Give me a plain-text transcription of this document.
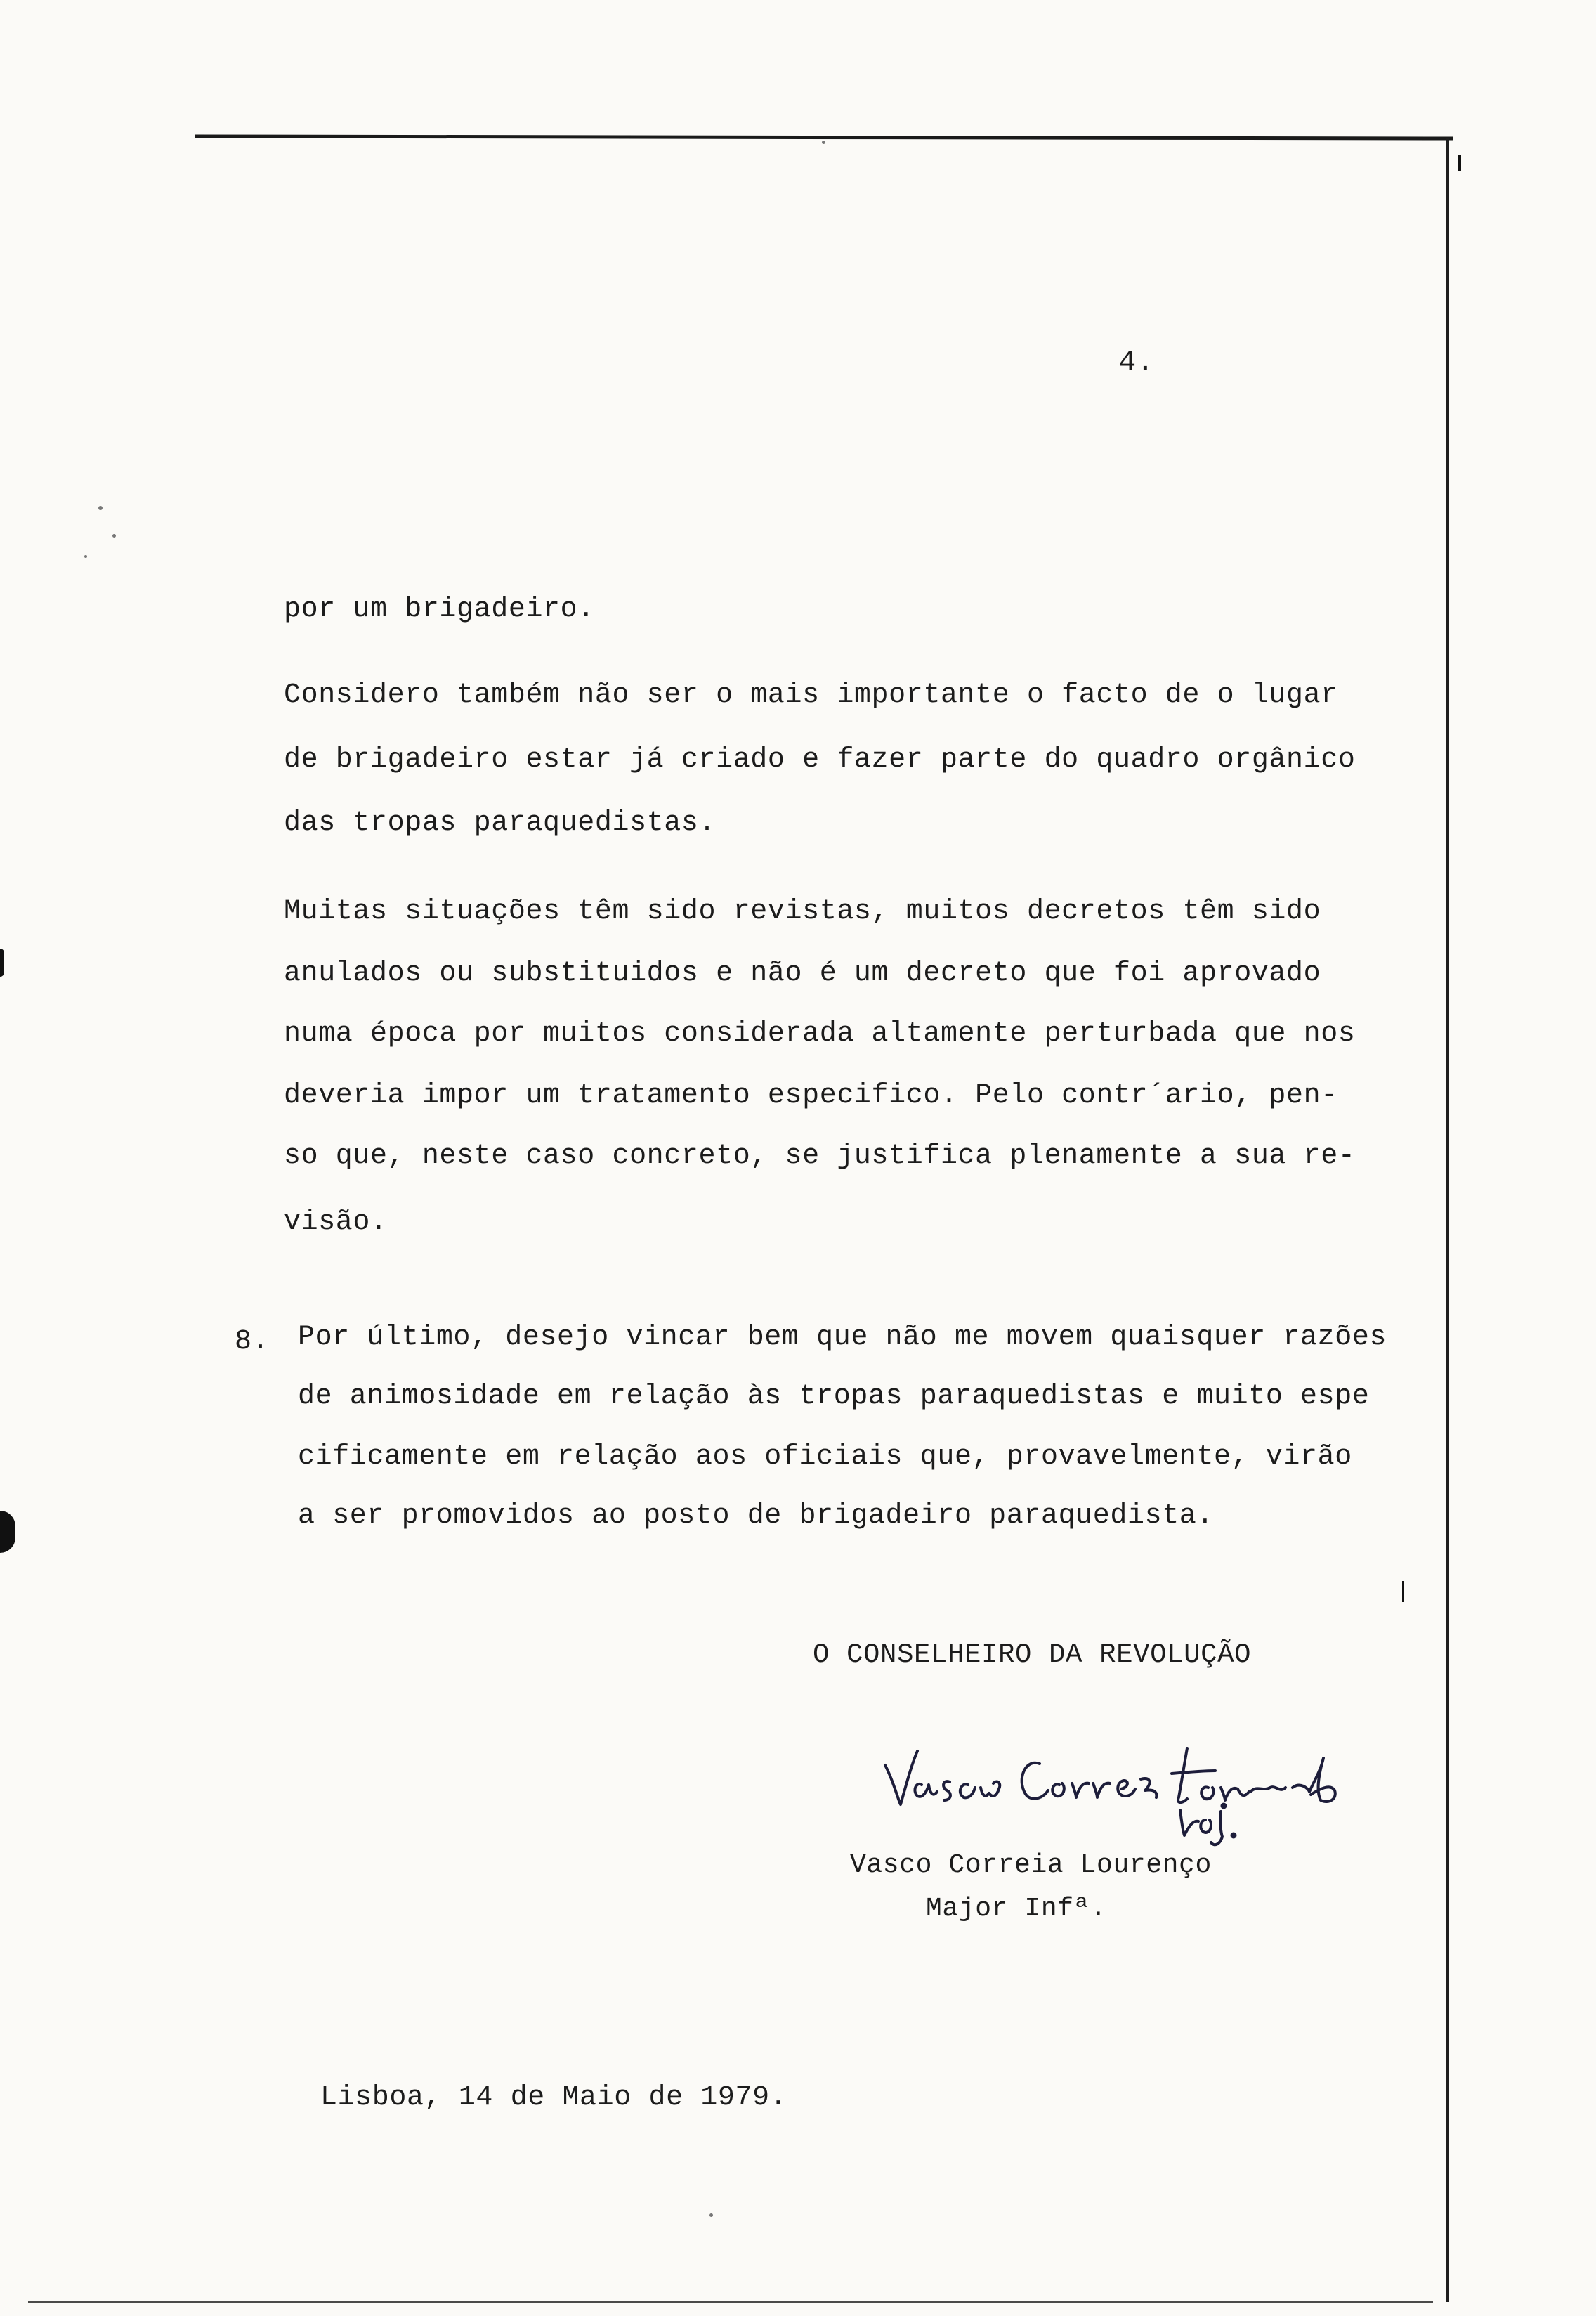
4.
por um brigadeiro.
Considero também não ser o mais importante o facto de o lugar
de brigadeiro estar já criado e fazer parte do quadro orgânico
das tropas paraquedistas.
Muitas situações têm sido revistas, muitos decretos têm sido
anulados ou substituidos e não é um decreto que foi aprovado
numa época por muitos considerada altamente perturbada que nos
deveria impor um tratamento especifico. Pelo contr´ario, pen-
so que, neste caso concreto, se justifica plenamente a sua re-
visão.
8. Por último, desejo vincar bem que não me movem quaisquer razões
de animosidade em relação às tropas paraquedistas e muito espe
cificamente em relação aos oficiais que, provavelmente, virão
a ser promovidos ao posto de brigadeiro paraquedista.
O CONSELHEIRO DA REVOLUÇÃO
Vasco Correia Lourenço
Major Infª.
Lisboa, 14 de Maio de 1979.
